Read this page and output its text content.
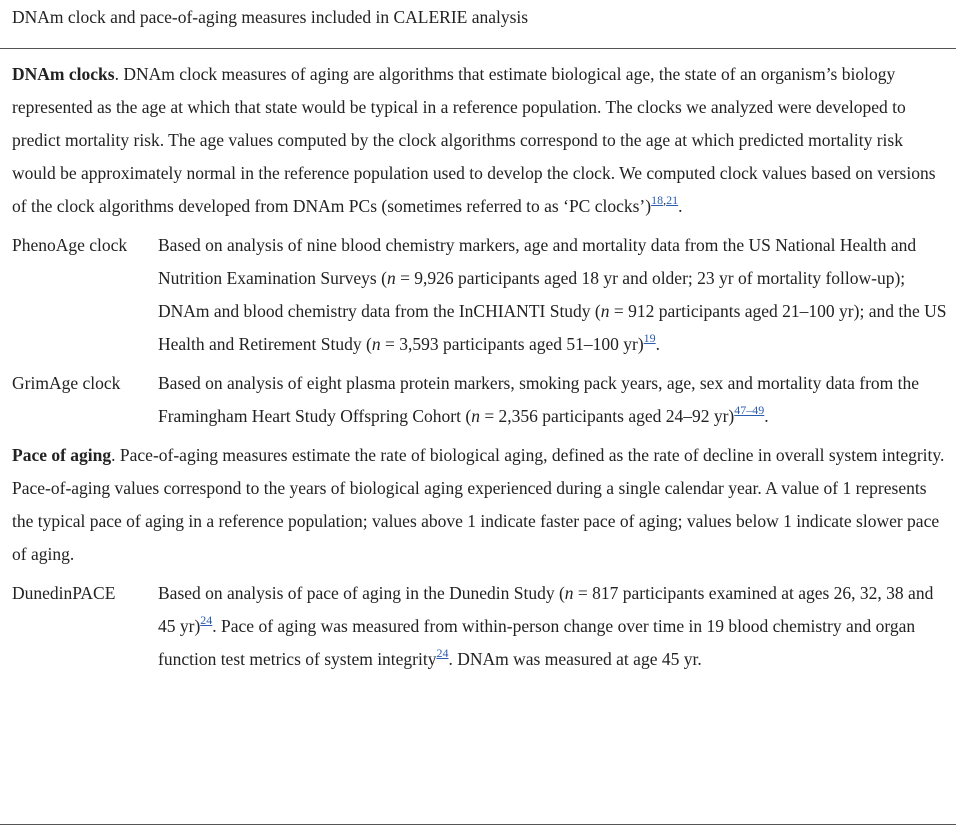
DNAm clock and pace-of-aging measures included in CALERIE analysis

DNAm clocks. DNAm clock measures of aging are algorithms that estimate biological age, the state of an organism’s biology represented as the age at which that state would be typical in a reference population. The clocks we analyzed were developed to predict mortality risk. The age values computed by the clock algorithms correspond to the age at which predicted mortality risk would be approximately normal in the reference population used to develop the clock. We computed clock values based on versions of the clock algorithms developed from DNAm PCs (sometimes referred to as ‘PC clocks’)$^{18,21}$.

PhenoAge clock	Based on analysis of nine blood chemistry markers, age and mortality data from the US National Health and Nutrition Examination Surveys (n = 9,926 participants aged 18 yr and older; 23 yr of mortality follow-up); DNAm and blood chemistry data from the InCHIANTI Study (n = 912 participants aged 21–100 yr); and the US Health and Retirement Study (n = 3,593 participants aged 51–100 yr)$^{19}$.
GrimAge clock	Based on analysis of eight plasma protein markers, smoking pack years, age, sex and mortality data from the Framingham Heart Study Offspring Cohort (n = 2,356 participants aged 24–92 yr)$^{47-49}$.

Pace of aging. Pace-of-aging measures estimate the rate of biological aging, defined as the rate of decline in overall system integrity. Pace-of-aging values correspond to the years of biological aging experienced during a single calendar year. A value of 1 represents the typical pace of aging in a reference population; values above 1 indicate faster pace of aging; values below 1 indicate slower pace of aging.

DunedinPACE	Based on analysis of pace of aging in the Dunedin Study (n = 817 participants examined at ages 26, 32, 38 and 45 yr)$^{24}$. Pace of aging was measured from within-person change over time in 19 blood chemistry and organ function test metrics of system integrity$^{24}$. DNAm was measured at age 45 yr.
